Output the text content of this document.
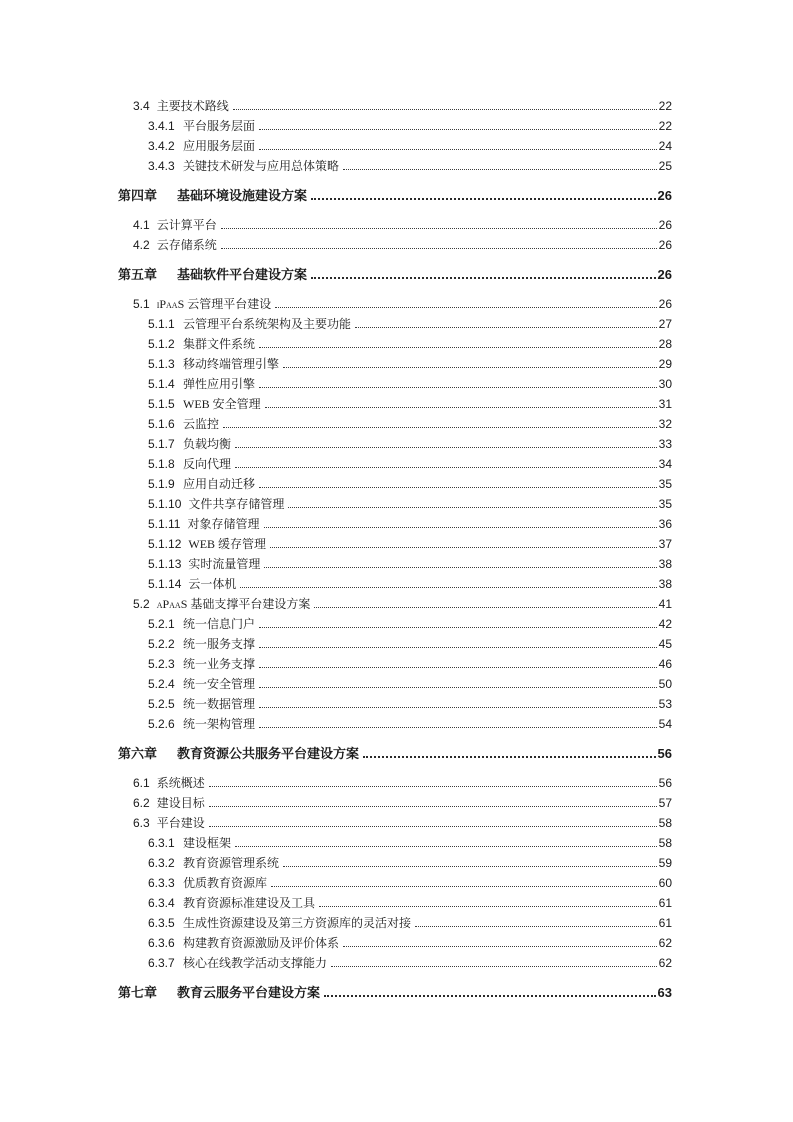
3.4 主要技术路线	22
3.4.1 平台服务层面	22
3.4.2 应用服务层面	24
3.4.3 关键技术研发与应用总体策略	25
第四章 基础环境设施建设方案	26
4.1 云计算平台	26
4.2 云存储系统	26
第五章 基础软件平台建设方案	26
5.1 iPaaS 云管理平台建设	26
5.1.1 云管理平台系统架构及主要功能	27
5.1.2 集群文件系统	28
5.1.3 移动终端管理引擎	29
5.1.4 弹性应用引擎	30
5.1.5 WEB 安全管理	31
5.1.6 云监控	32
5.1.7 负载均衡	33
5.1.8 反向代理	34
5.1.9 应用自动迁移	35
5.1.10 文件共享存储管理	35
5.1.11 对象存储管理	36
5.1.12 WEB 缓存管理	37
5.1.13 实时流量管理	38
5.1.14 云一体机	38
5.2 aPaaS 基础支撑平台建设方案	41
5.2.1 统一信息门户	42
5.2.2 统一服务支撑	45
5.2.3 统一业务支撑	46
5.2.4 统一安全管理	50
5.2.5 统一数据管理	53
5.2.6 统一架构管理	54
第六章 教育资源公共服务平台建设方案	56
6.1 系统概述	56
6.2 建设目标	57
6.3 平台建设	58
6.3.1 建设框架	58
6.3.2 教育资源管理系统	59
6.3.3 优质教育资源库	60
6.3.4 教育资源标准建设及工具	61
6.3.5 生成性资源建设及第三方资源库的灵活对接	61
6.3.6 构建教育资源激励及评价体系	62
6.3.7 核心在线教学活动支撑能力	62
第七章 教育云服务平台建设方案	63
